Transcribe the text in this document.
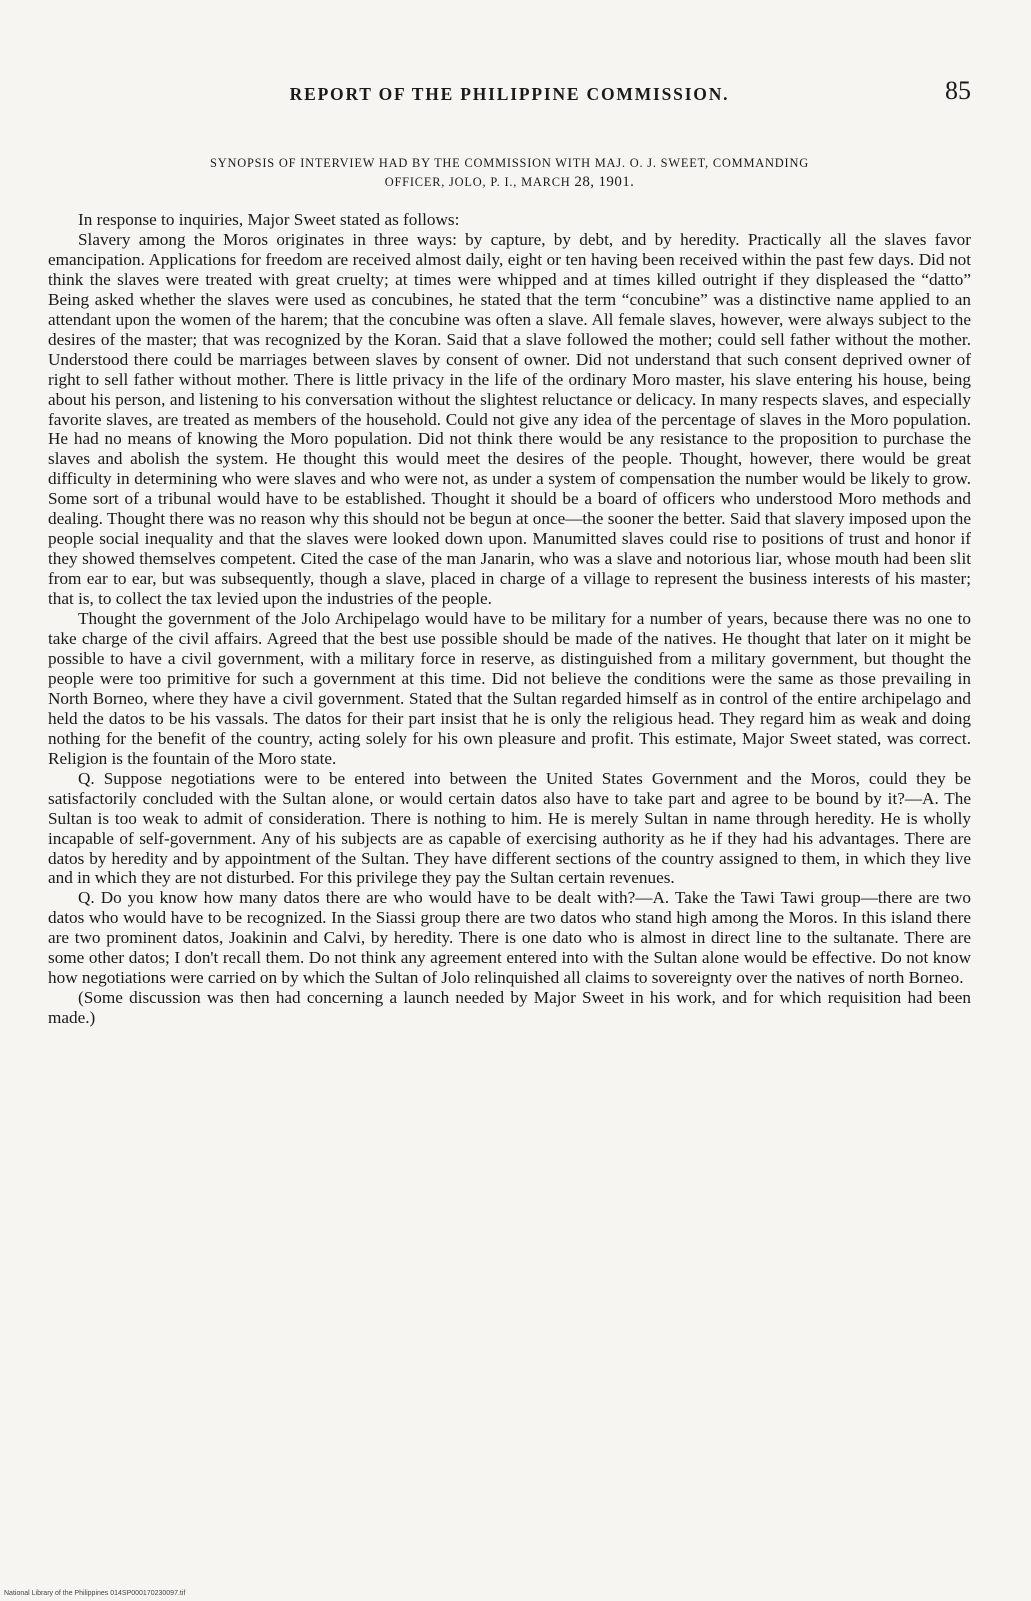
REPORT OF THE PHILIPPINE COMMISSION.	85
SYNOPSIS OF INTERVIEW HAD BY THE COMMISSION WITH MAJ. O. J. SWEET, COMMANDING
OFFICER, JOLO, P. I., MARCH 28, 1901.

In response to inquiries, Major Sweet stated as follows:

Slavery among the Moros originates in three ways: by capture, by debt, and by heredity. Practically all the slaves favor emancipation. Applications for freedom are received almost daily, eight or ten having been received within the past few days. Did not think the slaves were treated with great cruelty; at times were whipped and at times killed outright if they displeased the “datto” Being asked whether the slaves were used as concubines, he stated that the term “concubine” was a distinctive name applied to an attendant upon the women of the harem; that the concubine was often a slave. All female slaves, however, were always subject to the desires of the master; that was recognized by the Koran. Said that a slave followed the mother; could sell father without the mother. Understood there could be marriages between slaves by consent of owner. Did not understand that such consent deprived owner of right to sell father without mother. There is little privacy in the life of the ordinary Moro master, his slave entering his house, being about his person, and listening to his conversation without the slightest reluctance or delicacy. In many respects slaves, and especially favorite slaves, are treated as members of the household. Could not give any idea of the percentage of slaves in the Moro population. He had no means of knowing the Moro population. Did not think there would be any resistance to the proposition to purchase the slaves and abolish the system. He thought this would meet the desires of the people. Thought, however, there would be great difficulty in determining who were slaves and who were not, as under a system of compensation the number would be likely to grow. Some sort of a tribunal would have to be established. Thought it should be a board of officers who understood Moro methods and dealing. Thought there was no reason why this should not be begun at once—the sooner the better. Said that slavery imposed upon the people social inequality and that the slaves were looked down upon. Manumitted slaves could rise to positions of trust and honor if they showed themselves competent. Cited the case of the man Janarin, who was a slave and notorious liar, whose mouth had been slit from ear to ear, but was subsequently, though a slave, placed in charge of a village to represent the business interests of his master; that is, to collect the tax levied upon the industries of the people.

Thought the government of the Jolo Archipelago would have to be military for a number of years, because there was no one to take charge of the civil affairs. Agreed that the best use possible should be made of the natives. He thought that later on it might be possible to have a civil government, with a military force in reserve, as distinguished from a military government, but thought the people were too primitive for such a government at this time. Did not believe the conditions were the same as those prevailing in North Borneo, where they have a civil government. Stated that the Sultan regarded himself as in control of the entire archipelago and held the datos to be his vassals. The datos for their part insist that he is only the religious head. They regard him as weak and doing nothing for the benefit of the country, acting solely for his own pleasure and profit. This estimate, Major Sweet stated, was correct. Religion is the fountain of the Moro state.

Q. Suppose negotiations were to be entered into between the United States Government and the Moros, could they be satisfactorily concluded with the Sultan alone, or would certain datos also have to take part and agree to be bound by it?—A. The Sultan is too weak to admit of consideration. There is nothing to him. He is merely Sultan in name through heredity. He is wholly incapable of self-government. Any of his subjects are as capable of exercising authority as he if they had his advantages. There are datos by heredity and by appointment of the Sultan. They have different sections of the country assigned to them, in which they live and in which they are not disturbed. For this privilege they pay the Sultan certain revenues.

Q. Do you know how many datos there are who would have to be dealt with?—A. Take the Tawi Tawi group—there are two datos who would have to be recognized. In the Siassi group there are two datos who stand high among the Moros. In this island there are two prominent datos, Joakinin and Calvi, by heredity. There is one dato who is almost in direct line to the sultanate. There are some other datos; I don't recall them. Do not think any agreement entered into with the Sultan alone would be effective. Do not know how negotiations were carried on by which the Sultan of Jolo relinquished all claims to sovereignty over the natives of north Borneo.

(Some discussion was then had concerning a launch needed by Major Sweet in his work, and for which requisition had been made.)

National Library of the Philippines 014SP000170230097.tif
